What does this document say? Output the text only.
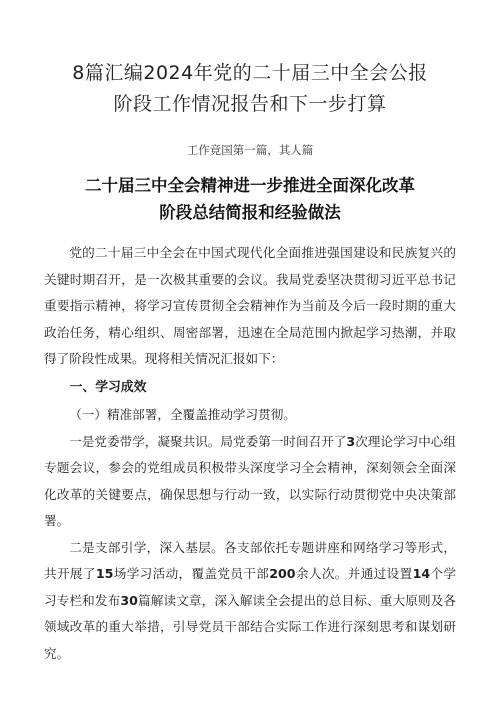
8篇汇编2024年党的二十届三中全会公报
阶段工作情况报告和下一步打算
工作竞国第一篇，其人篇
二十届三中全会精神进一步推进全面深化改革
阶段总结简报和经验做法

党的二十届三中全会在中国式现代化全面推进强国建设和民族复兴的关键时期召开，是一次极其重要的会议。我局党委坚决贯彻习近平总书记重要指示精神，将学习宣传贯彻全会精神作为当前及今后一段时期的重大政治任务，精心组织、周密部署，迅速在全局范围内掀起学习热潮，并取得了阶段性成果。现将相关情况汇报如下：

一、学习成效

（一）精准部署，全覆盖推动学习贯彻。

一是党委带学，凝聚共识。局党委第一时间召开了3次理论学习中心组专题会议，参会的党组成员积极带头深度学习全会精神，深刻领会全面深化改革的关键要点，确保思想与行动一致，以实际行动贯彻党中央决策部署。

二是支部引学，深入基层。各支部依托专题讲座和网络学习等形式，共开展了15场学习活动，覆盖党员干部200余人次。并通过设置14个学习专栏和发布30篇解读文章，深入解读全会提出的总目标、重大原则及各领域改革的重大举措，引导党员干部结合实际工作进行深刻思考和谋划研究。
